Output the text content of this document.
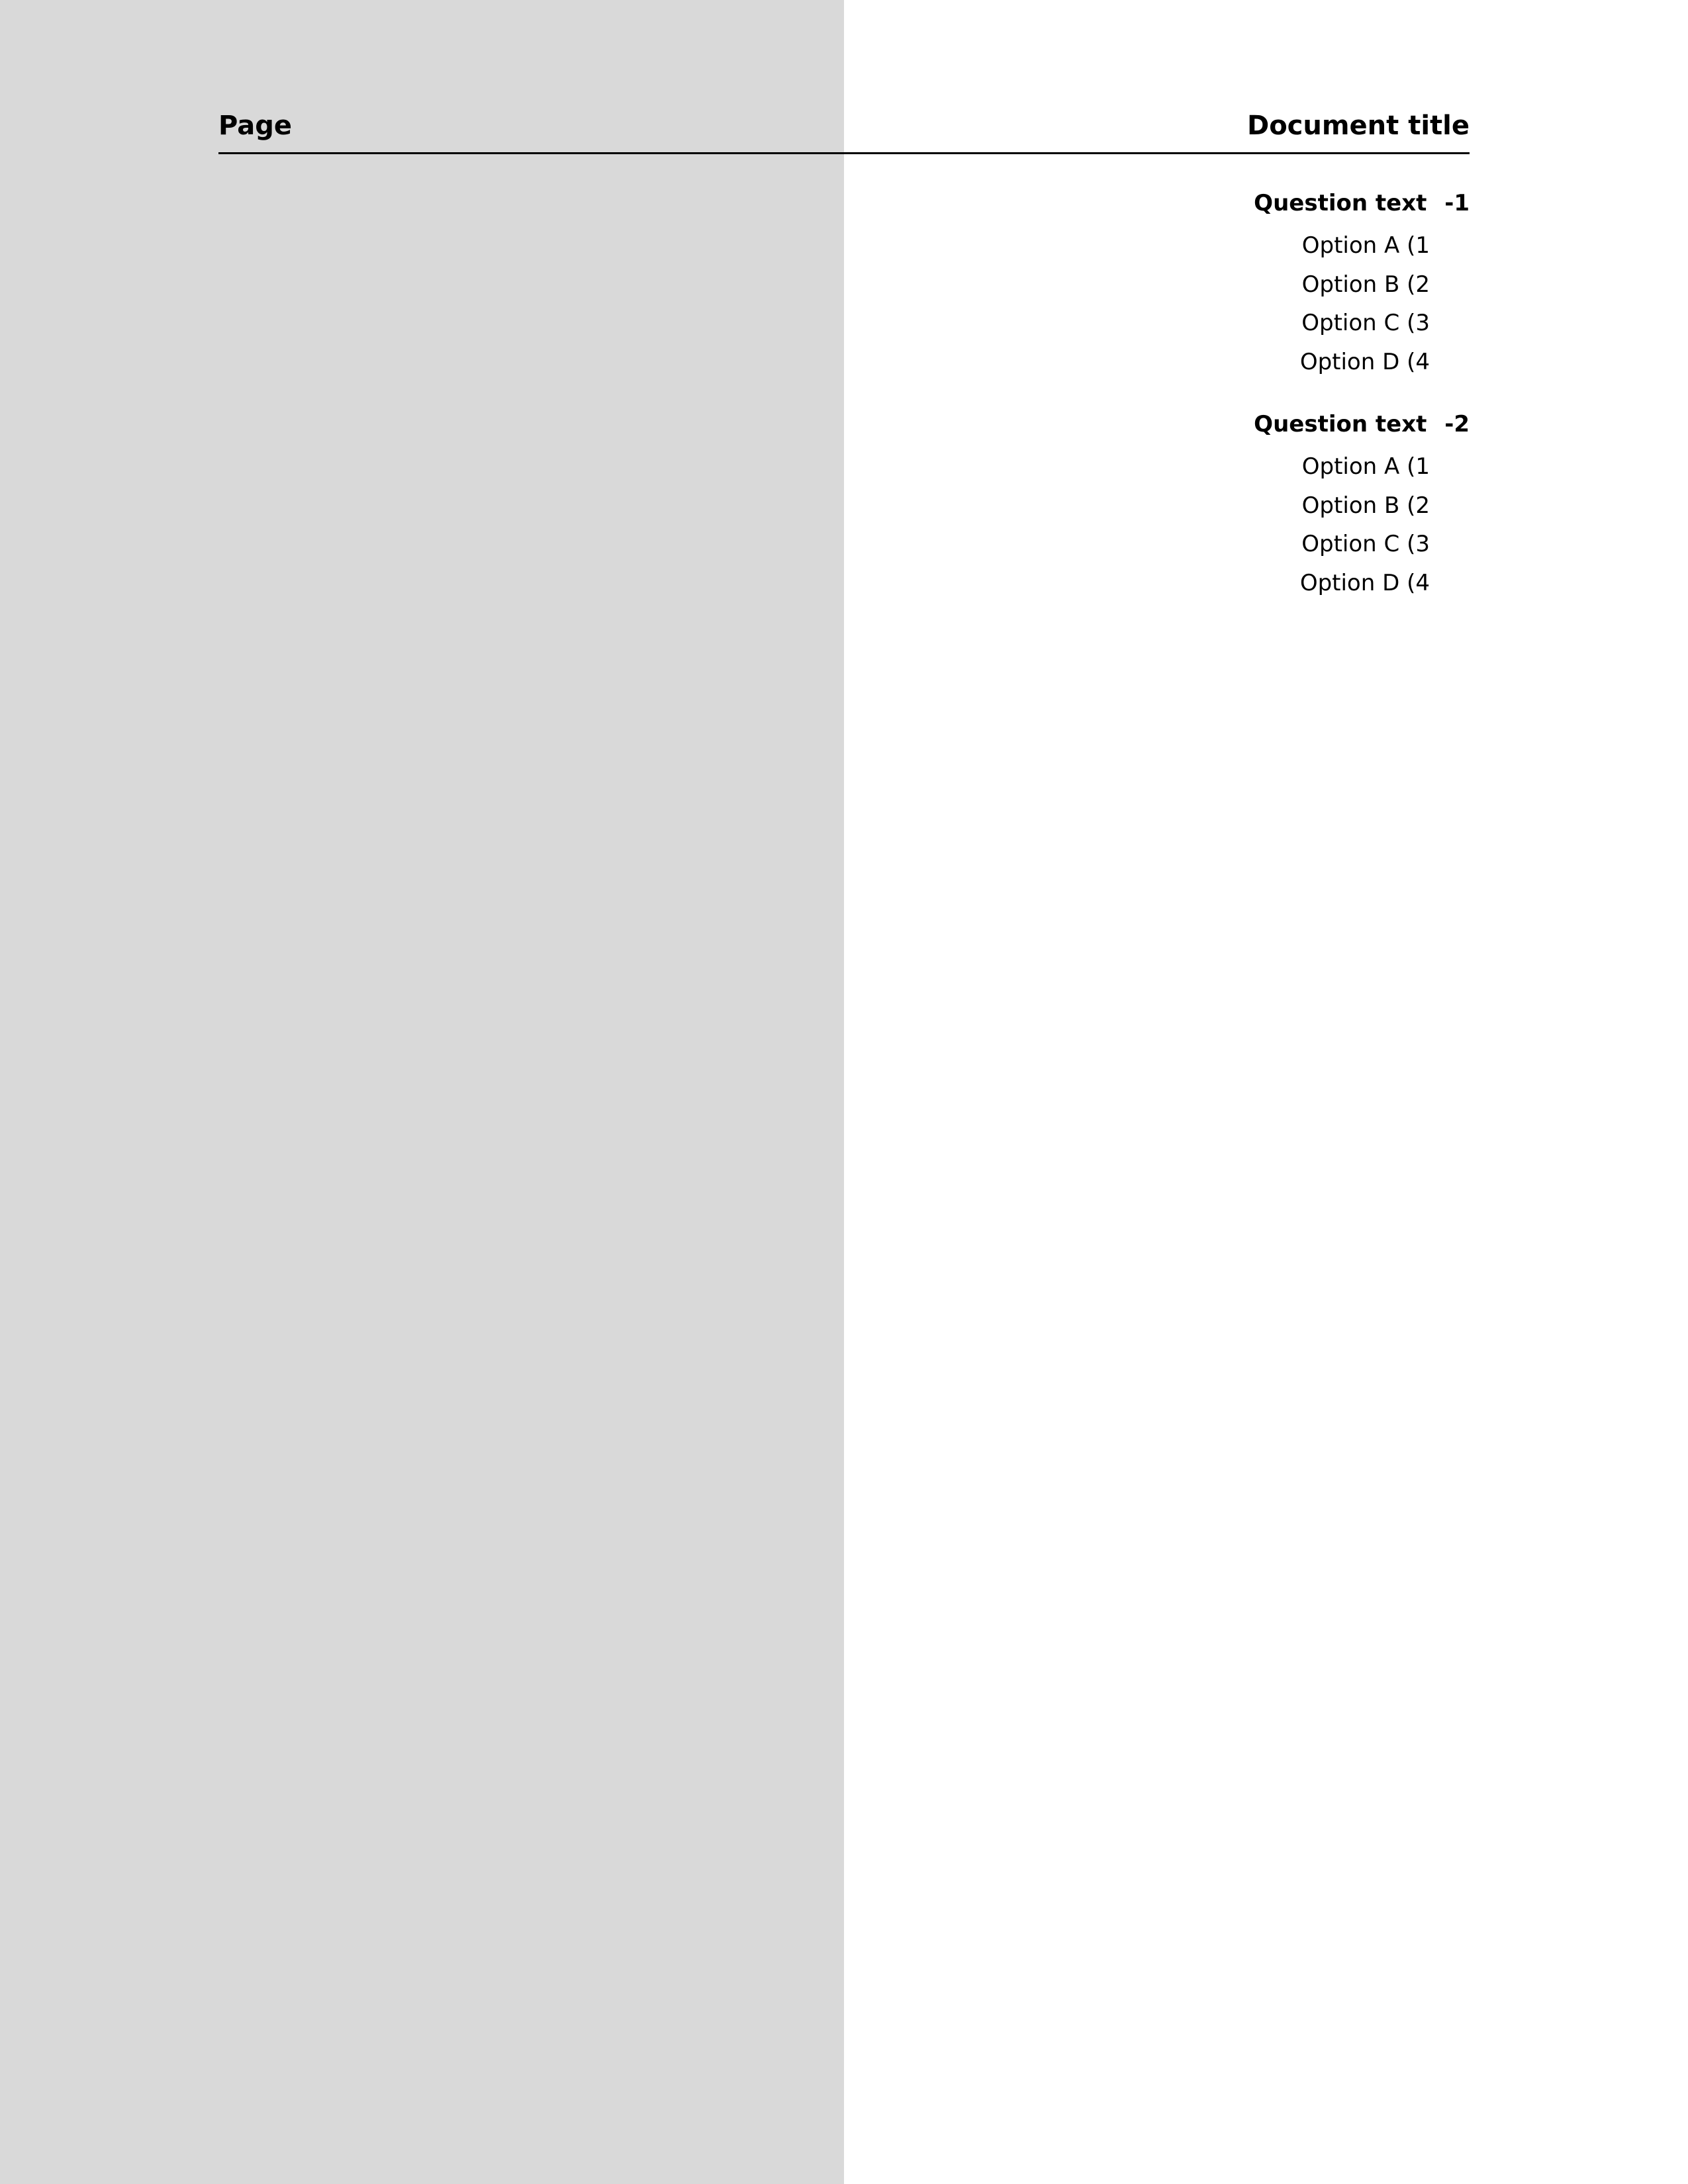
Page	Document title
1- Question text
1) Option A
2) Option B
3) Option C
4) Option D
2- Question text
1) Option A
2) Option B
3) Option C
4) Option D
